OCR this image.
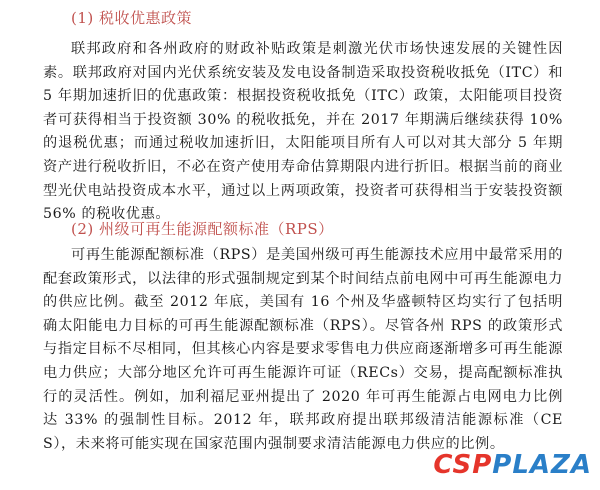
(1) 税收优惠政策

联邦政府和各州政府的财政补贴政策是刺激光伏市场快速发展的关键性因素。联邦政府对国内光伏系统安装及发电设备制造采取投资税收抵免（ITC）和 5 年期加速折旧的优惠政策：根据投资税收抵免（ITC）政策，太阳能项目投资者可获得相当于投资额 30% 的税收抵免，并在 2017 年期满后继续获得 10% 的退税优惠；而通过税收加速折旧，太阳能项目所有人可以对其大部分 5 年期资产进行税收折旧，不必在资产使用寿命估算期限内进行折旧。根据当前的商业型光伏电站投资成本水平，通过以上两项政策，投资者可获得相当于安装投资额 56% 的税收优惠。

(2) 州级可再生能源配额标准（RPS）

可再生能源配额标准（RPS）是美国州级可再生能源技术应用中最常采用的配套政策形式，以法律的形式强制规定到某个时间结点前电网中可再生能源电力的供应比例。截至 2012 年底，美国有 16 个州及华盛顿特区均实行了包括明确太阳能电力目标的可再生能源配额标准（RPS）。尽管各州 RPS 的政策形式与指定目标不尽相同，但其核心内容是要求零售电力供应商逐渐增多可再生能源电力供应；大部分地区允许可再生能源许可证（RECs）交易，提高配额标准执行的灵活性。例如，加利福尼亚州提出了 2020 年可再生能源占电网电力比例达 33% 的强制性目标。2012 年，联邦政府提出联邦级清洁能源标准（CES），未来将可能实现在国家范围内强制要求清洁能源电力供应的比例。

CSP PLAZA
